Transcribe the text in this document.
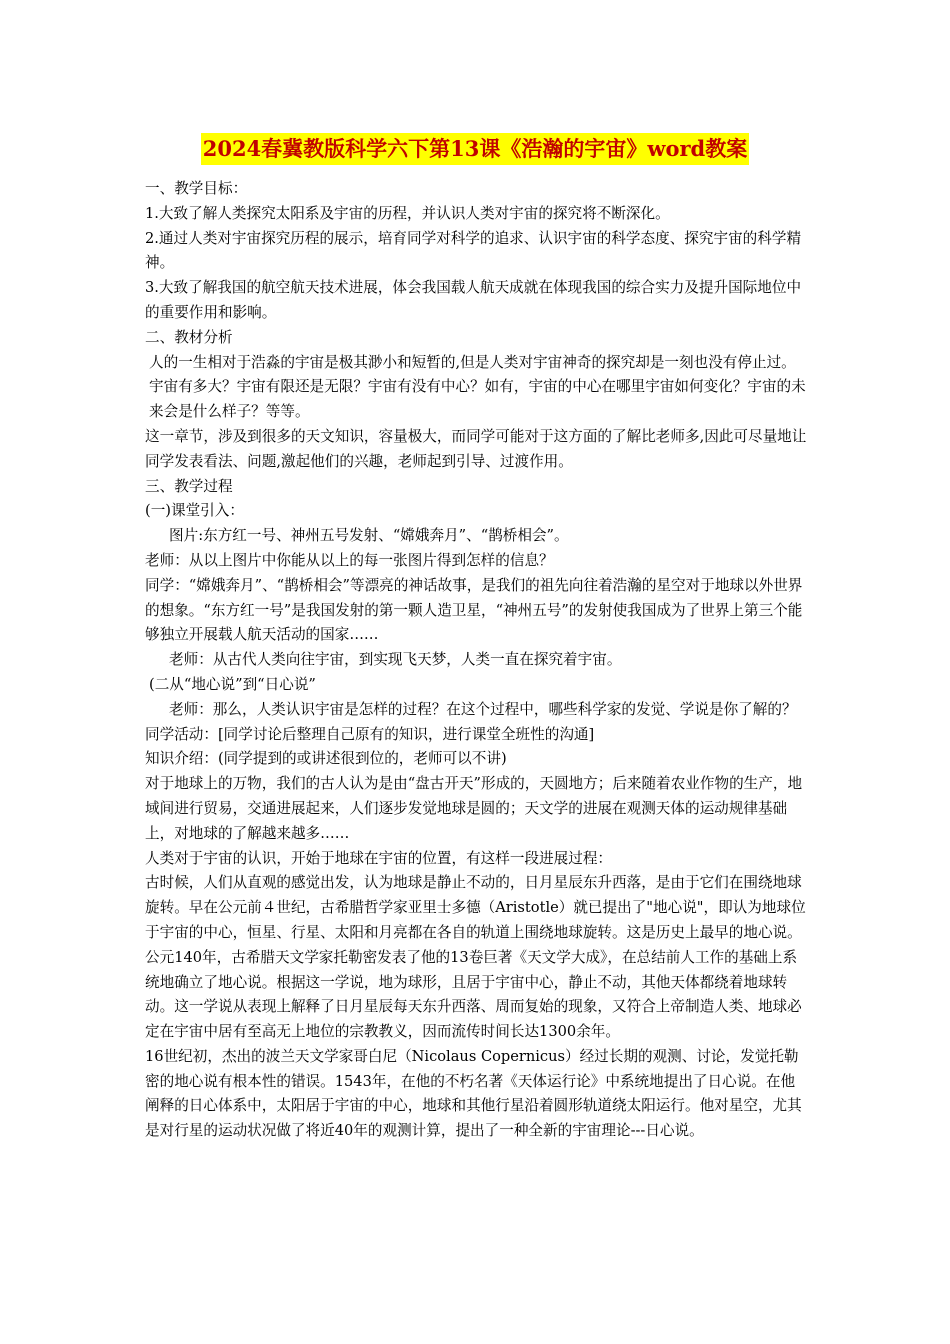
2024春冀教版科学六下第13课《浩瀚的宇宙》word教案

一、教学目标：

1.大致了解人类探究太阳系及宇宙的历程，并认识人类对宇宙的探究将不断深化。

2.通过人类对宇宙探究历程的展示，培育同学对科学的追求、认识宇宙的科学态度、探究宇宙的科学精神。

3.大致了解我国的航空航天技术进展，体会我国载人航天成就在体现我国的综合实力及提升国际地位中的重要作用和影响。

二、教材分析

人的一生相对于浩淼的宇宙是极其渺小和短暂的,但是人类对宇宙神奇的探究却是一刻也没有停止过。宇宙有多大？宇宙有限还是无限？宇宙有没有中心？如有，宇宙的中心在哪里宇宙如何变化？宇宙的未来会是什么样子？等等。

这一章节，涉及到很多的天文知识，容量极大，而同学可能对于这方面的了解比老师多,因此可尽量地让同学发表看法、问题,激起他们的兴趣，老师起到引导、过渡作用。

三、教学过程

(一)课堂引入：

图片:东方红一号、神州五号发射、“嫦娥奔月”、“鹊桥相会”。

老师：从以上图片中你能从以上的每一张图片得到怎样的信息？

同学：“嫦娥奔月”、“鹊桥相会”等漂亮的神话故事，是我们的祖先向往着浩瀚的星空对于地球以外世界的想象。“东方红一号”是我国发射的第一颗人造卫星，“神州五号”的发射使我国成为了世界上第三个能够独立开展载人航天活动的国家……

老师：从古代人类向往宇宙，到实现飞天梦，人类一直在探究着宇宙。

(二从“地心说”到“日心说”

老师：那么，人类认识宇宙是怎样的过程？在这个过程中，哪些科学家的发觉、学说是你了解的？

同学活动：[同学讨论后整理自己原有的知识，进行课堂全班性的沟通]

知识介绍：(同学提到的或讲述很到位的，老师可以不讲)

对于地球上的万物，我们的古人认为是由“盘古开天”形成的，天圆地方；后来随着农业作物的生产，地域间进行贸易，交通进展起来，人们逐步发觉地球是圆的；天文学的进展在观测天体的运动规律基础上，对地球的了解越来越多……

人类对于宇宙的认识，开始于地球在宇宙的位置，有这样一段进展过程：

古时候，人们从直观的感觉出发，认为地球是静止不动的，日月星辰东升西落，是由于它们在围绕地球旋转。早在公元前４世纪，古希腊哲学家亚里士多德（Aristotle）就已提出了"地心说"，即认为地球位于宇宙的中心，恒星、行星、太阳和月亮都在各自的轨道上围绕地球旋转。这是历史上最早的地心说。公元140年，古希腊天文学家托勒密发表了他的13卷巨著《天文学大成》，在总结前人工作的基础上系统地确立了地心说。根据这一学说，地为球形，且居于宇宙中心，静止不动，其他天体都绕着地球转动。这一学说从表现上解释了日月星辰每天东升西落、周而复始的现象，又符合上帝制造人类、地球必定在宇宙中居有至高无上地位的宗教教义，因而流传时间长达1300余年。

16世纪初，杰出的波兰天文学家哥白尼（Nicolaus Copernicus）经过长期的观测、讨论，发觉托勒密的地心说有根本性的错误。1543年，在他的不朽名著《天体运行论》中系统地提出了日心说。在他阐释的日心体系中，太阳居于宇宙的中心，地球和其他行星沿着圆形轨道绕太阳运行。他对星空，尤其是对行星的运动状况做了将近40年的观测计算，提出了一种全新的宇宙理论---日心说。
